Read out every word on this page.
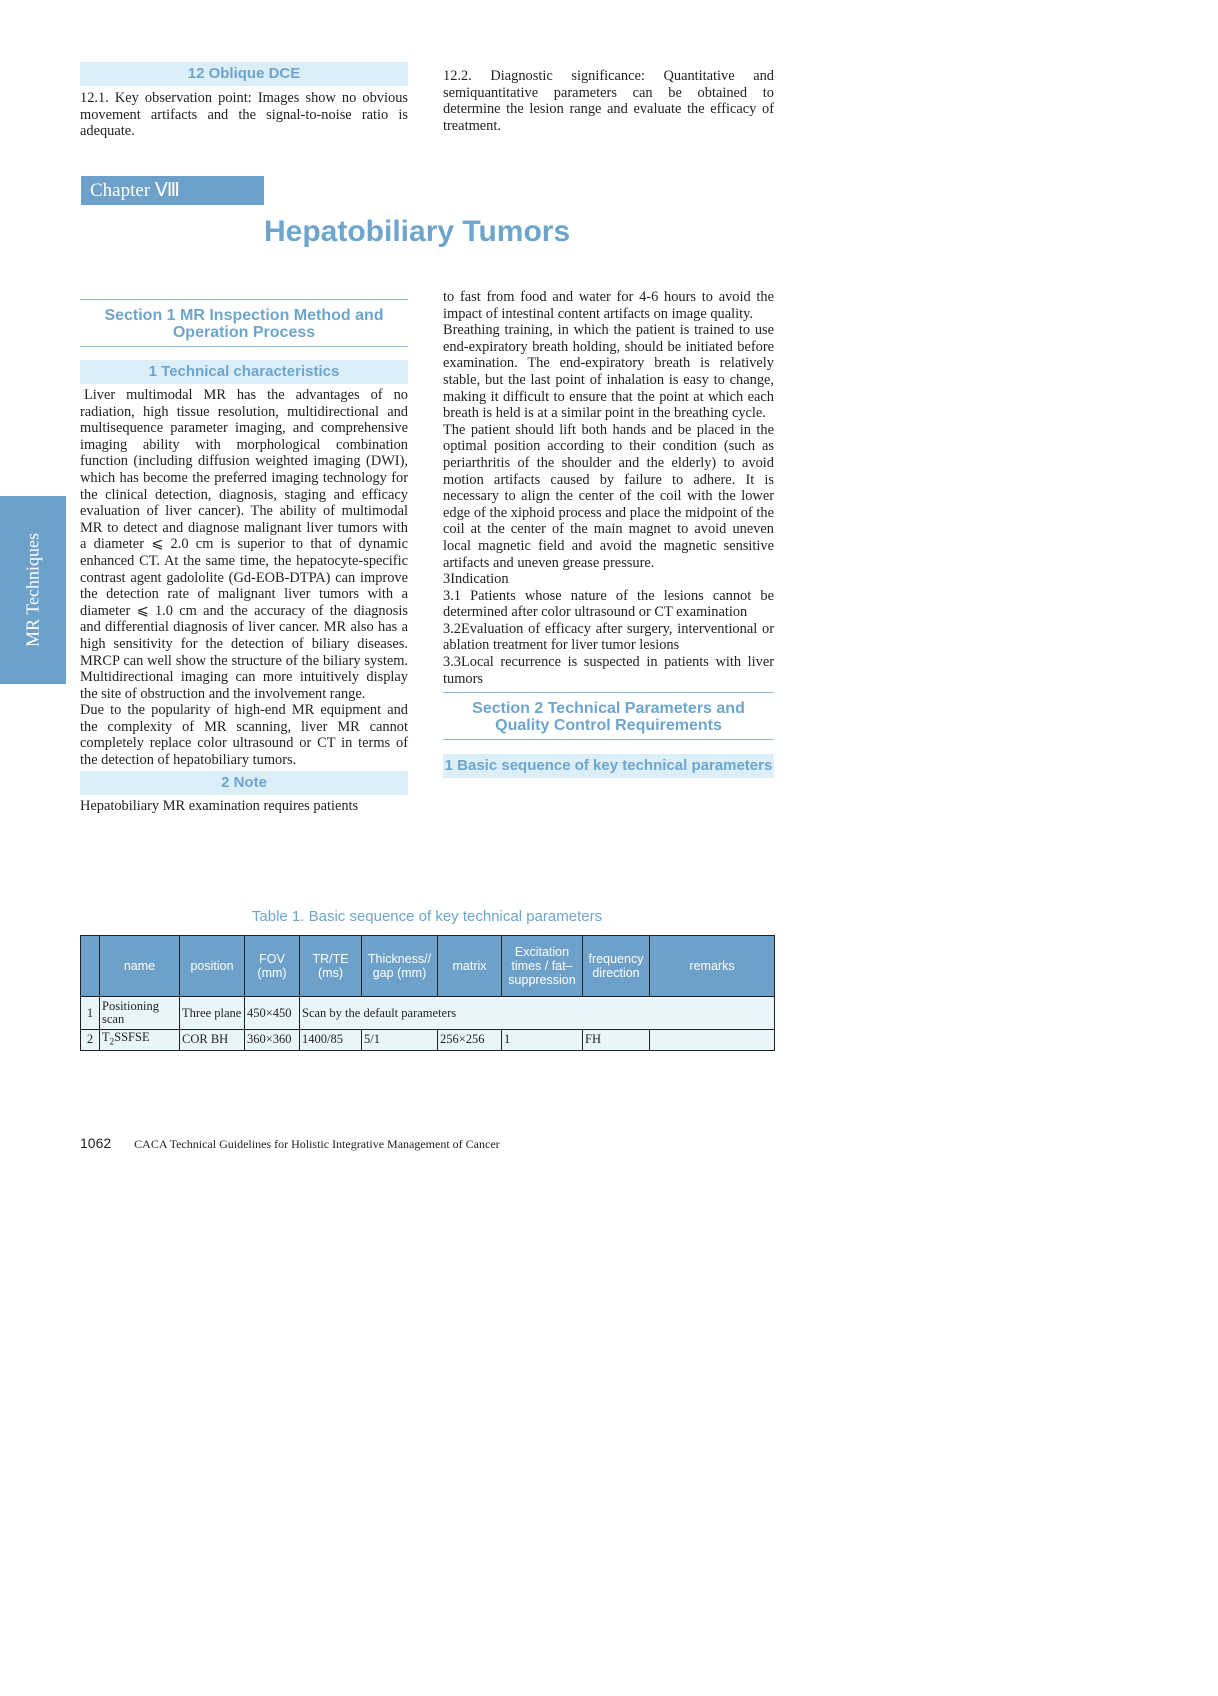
MR Techniques
12 Oblique DCE

12.1. Key observation point: Images show no obvious movement artifacts and the signal-to-noise ratio is adequate.

12.2. Diagnostic significance: Quantitative and semiquantitative parameters can be obtained to determine the lesion range and evaluate the efficacy of treatment.

Chapter Ⅷ
Hepatobiliary Tumors
Section 1 MR Inspection Method and Operation Process
1 Technical characteristics

Liver multimodal MR has the advantages of no radiation, high tissue resolution, multidirectional and multisequence parameter imaging, and comprehensive imaging ability with morphological combination function (including diffusion weighted imaging (DWI), which has become the preferred imaging technology for the clinical detection, diagnosis, staging and efficacy evaluation of liver cancer). The ability of multimodal MR to detect and diagnose malignant liver tumors with a diameter ⩽ 2.0 cm is superior to that of dynamic enhanced CT. At the same time, the hepatocyte-specific contrast agent gadololite (Gd-EOB-DTPA) can improve the detection rate of malignant liver tumors with a diameter ⩽ 1.0 cm and the accuracy of the diagnosis and differential diagnosis of liver cancer. MR also has a high sensitivity for the detection of biliary diseases. MRCP can well show the structure of the biliary system. Multidirectional imaging can more intuitively display the site of obstruction and the involvement range.

Due to the popularity of high-end MR equipment and the complexity of MR scanning, liver MR cannot completely replace color ultrasound or CT in terms of the detection of hepatobiliary tumors.

2 Note

Hepatobiliary MR examination requires patients

to fast from food and water for 4-6 hours to avoid the impact of intestinal content artifacts on image quality.

Breathing training, in which the patient is trained to use end-expiratory breath holding, should be initiated before examination. The end-expiratory breath is relatively stable, but the last point of inhalation is easy to change, making it difficult to ensure that the point at which each breath is held is at a similar point in the breathing cycle.

The patient should lift both hands and be placed in the optimal position according to their condition (such as periarthritis of the shoulder and the elderly) to avoid motion artifacts caused by failure to adhere. It is necessary to align the center of the coil with the lower edge of the xiphoid process and place the midpoint of the coil at the center of the main magnet to avoid uneven local magnetic field and avoid the magnetic sensitive artifacts and uneven grease pressure.

3Indication

3.1 Patients whose nature of the lesions cannot be determined after color ultrasound or CT examination

3.2Evaluation of efficacy after surgery, interventional or ablation treatment for liver tumor lesions

3.3Local recurrence is suspected in patients with liver tumors

Section 2 Technical Parameters and Quality Control Requirements
1 Basic sequence of key technical parameters
Table 1. Basic sequence of key technical parameters
	name	position	FOV (mm)	TR/TE (ms)	Thickness// gap (mm)	matrix	Excitation times / fat–suppression	frequency direction	remarks
1	Positioning scan	Three plane	450×450	Scan by the default parameters					
2	$T_2SSFSE$	COR BH	360×360	1400/85	5/1	256×256	1	FH	
1062 CACA Technical Guidelines for Holistic Integrative Management of Cancer
